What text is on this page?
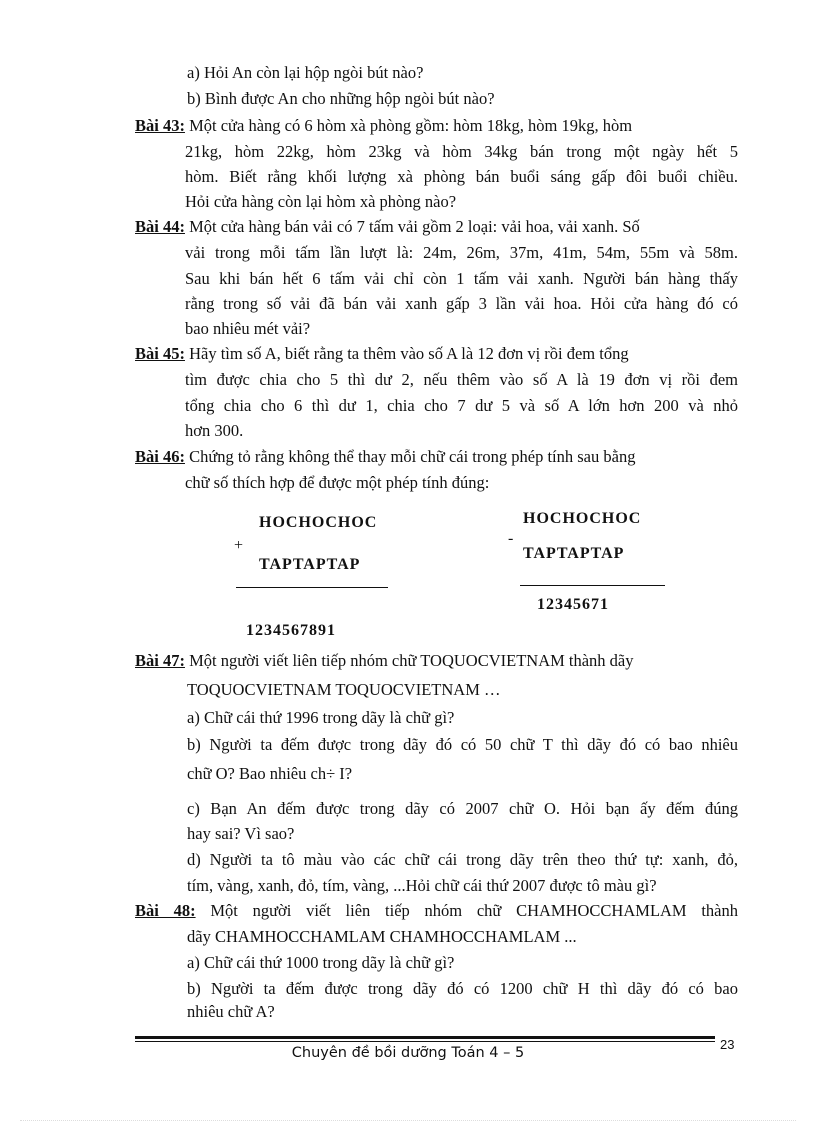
a) Hỏi An còn lại hộp ngòi bút nào?
b) Bình được An cho những hộp ngòi bút nào?
Bài 43: Một cửa hàng có 6 hòm xà phòng gồm: hòm 18kg, hòm 19kg, hòm
21kg, hòm 22kg, hòm 23kg và hòm 34kg bán trong một ngày hết 5
hòm. Biết rằng khối lượng xà phòng bán buổi sáng gấp đôi buổi chiều.
Hỏi cửa hàng còn lại hòm xà phòng nào?
Bài 44: Một cửa hàng bán vải có 7 tấm vải gồm 2 loại: vải hoa, vải xanh. Số
vải trong mỗi tấm lần lượt là: 24m, 26m, 37m, 41m, 54m, 55m và 58m.
Sau khi bán hết 6 tấm vải chỉ còn 1 tấm vải xanh. Người bán hàng thấy
rằng trong số vải đã bán vải xanh gấp 3 lần vải hoa. Hỏi cửa hàng đó có
bao nhiêu mét vải?
Bài 45: Hãy tìm số A, biết rằng ta thêm vào số A là 12 đơn vị rồi đem tổng
tìm được chia cho 5 thì dư 2, nếu thêm vào số A là 19 đơn vị rồi đem
tổng chia cho 6 thì dư 1, chia cho 7 dư 5 và số A lớn hơn 200 và nhỏ
hơn 300.
Bài 46: Chứng tỏ rằng không thể thay mỗi chữ cái trong phép tính sau bằng
chữ số thích hợp để được một phép tính đúng:
HOCHOCHOC
+
TAPTAPTAP
1234567891
HOCHOCHOC
-
TAPTAPTAP
12345671
Bài 47: Một người viết liên tiếp nhóm chữ TOQUOCVIETNAM thành dãy
TOQUOCVIETNAM TOQUOCVIETNAM …
a) Chữ cái thứ 1996 trong dãy là chữ gì?
b) Người ta đếm được trong dãy đó có 50 chữ T thì dãy đó có bao nhiêu
chữ O? Bao nhiêu ch÷ I?
c) Bạn An đếm được trong dãy có 2007 chữ O. Hỏi bạn ấy đếm đúng
hay sai? Vì sao?
d) Người ta tô màu vào các chữ cái trong dãy trên theo thứ tự: xanh, đỏ,
tím, vàng, xanh, đỏ, tím, vàng, ...Hỏi chữ cái thứ 2007 được tô màu gì?
Bài 48: Một người viết liên tiếp nhóm chữ CHAMHOCCHAMLAM thành
dãy CHAMHOCCHAMLAM CHAMHOCCHAMLAM ...
a) Chữ cái thứ 1000 trong dãy là chữ gì?
b) Người ta đếm được trong dãy đó có 1200 chữ H thì dãy đó có bao
nhiêu chữ A?
23
Chuyên đề bồi dưỡng Toán 4 – 5
